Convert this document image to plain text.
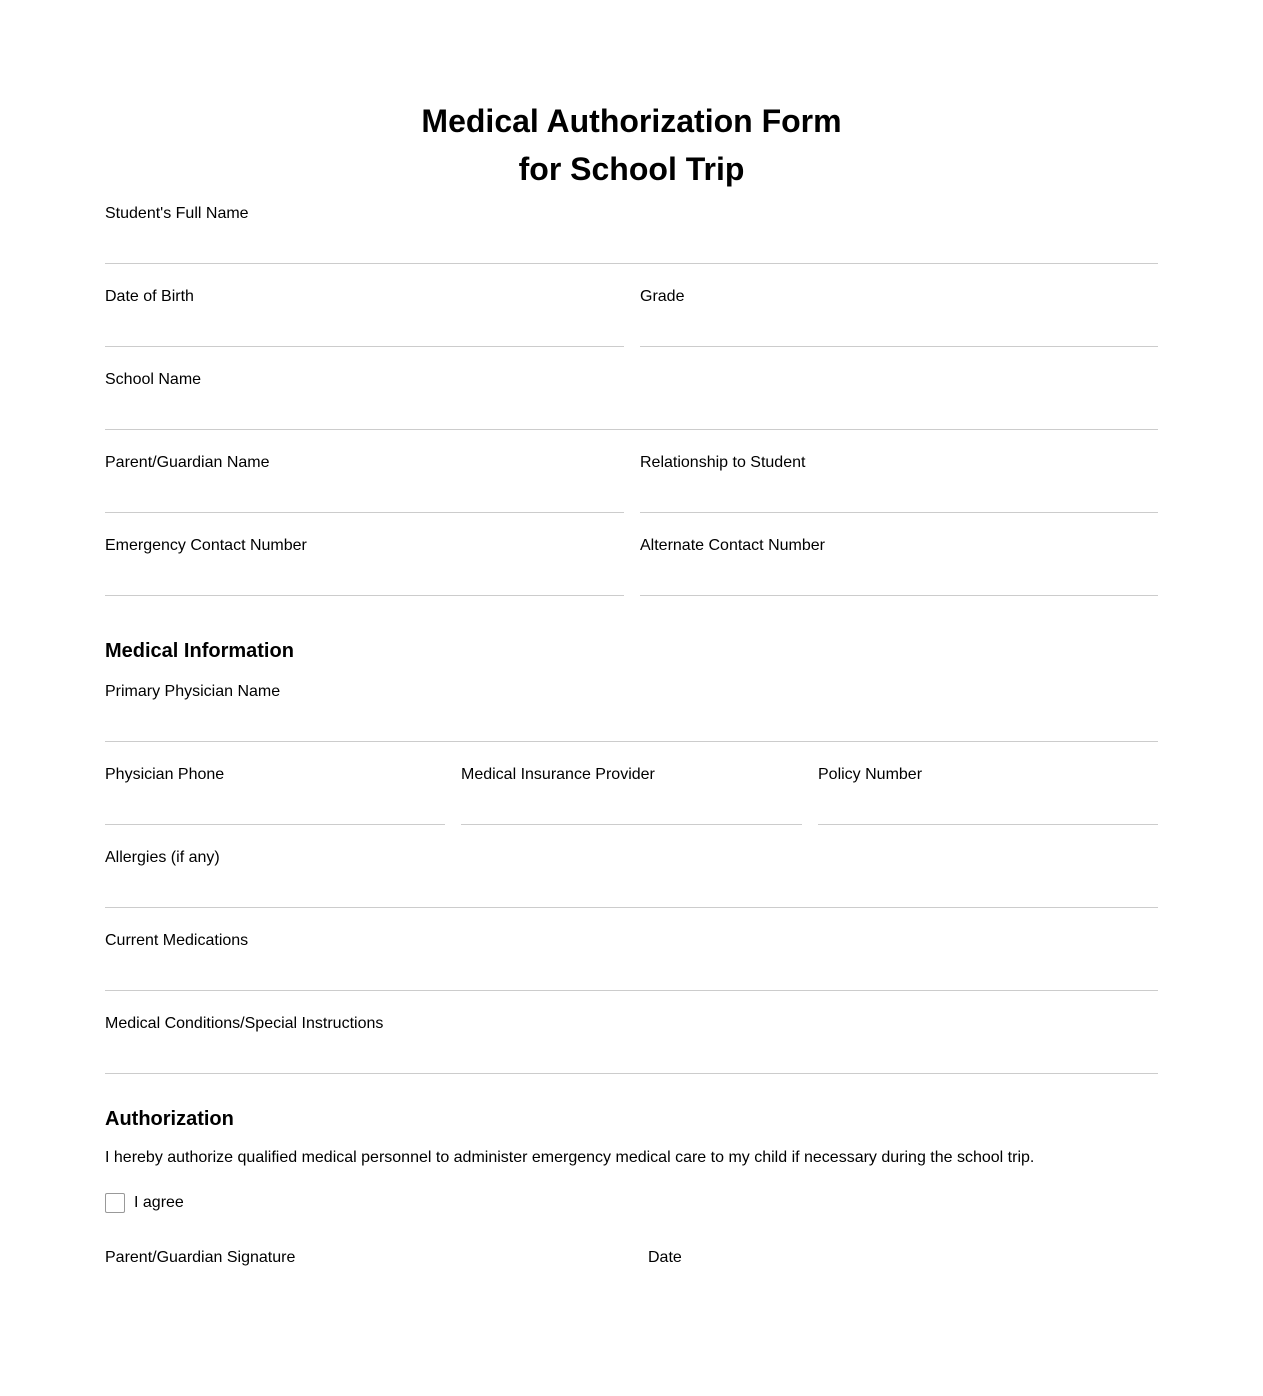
Medical Authorization Form
for School Trip
Student's Full Name
Date of Birth	Grade
School Name
Parent/Guardian Name	Relationship to Student
Emergency Contact Number	Alternate Contact Number
Medical Information
Primary Physician Name
Physician Phone	Medical Insurance Provider	Policy Number
Allergies (if any)
Current Medications
Medical Conditions/Special Instructions
Authorization

I hereby authorize qualified medical personnel to administer emergency medical care to my child if necessary during the school trip.

I agree
Parent/Guardian Signature	Date
